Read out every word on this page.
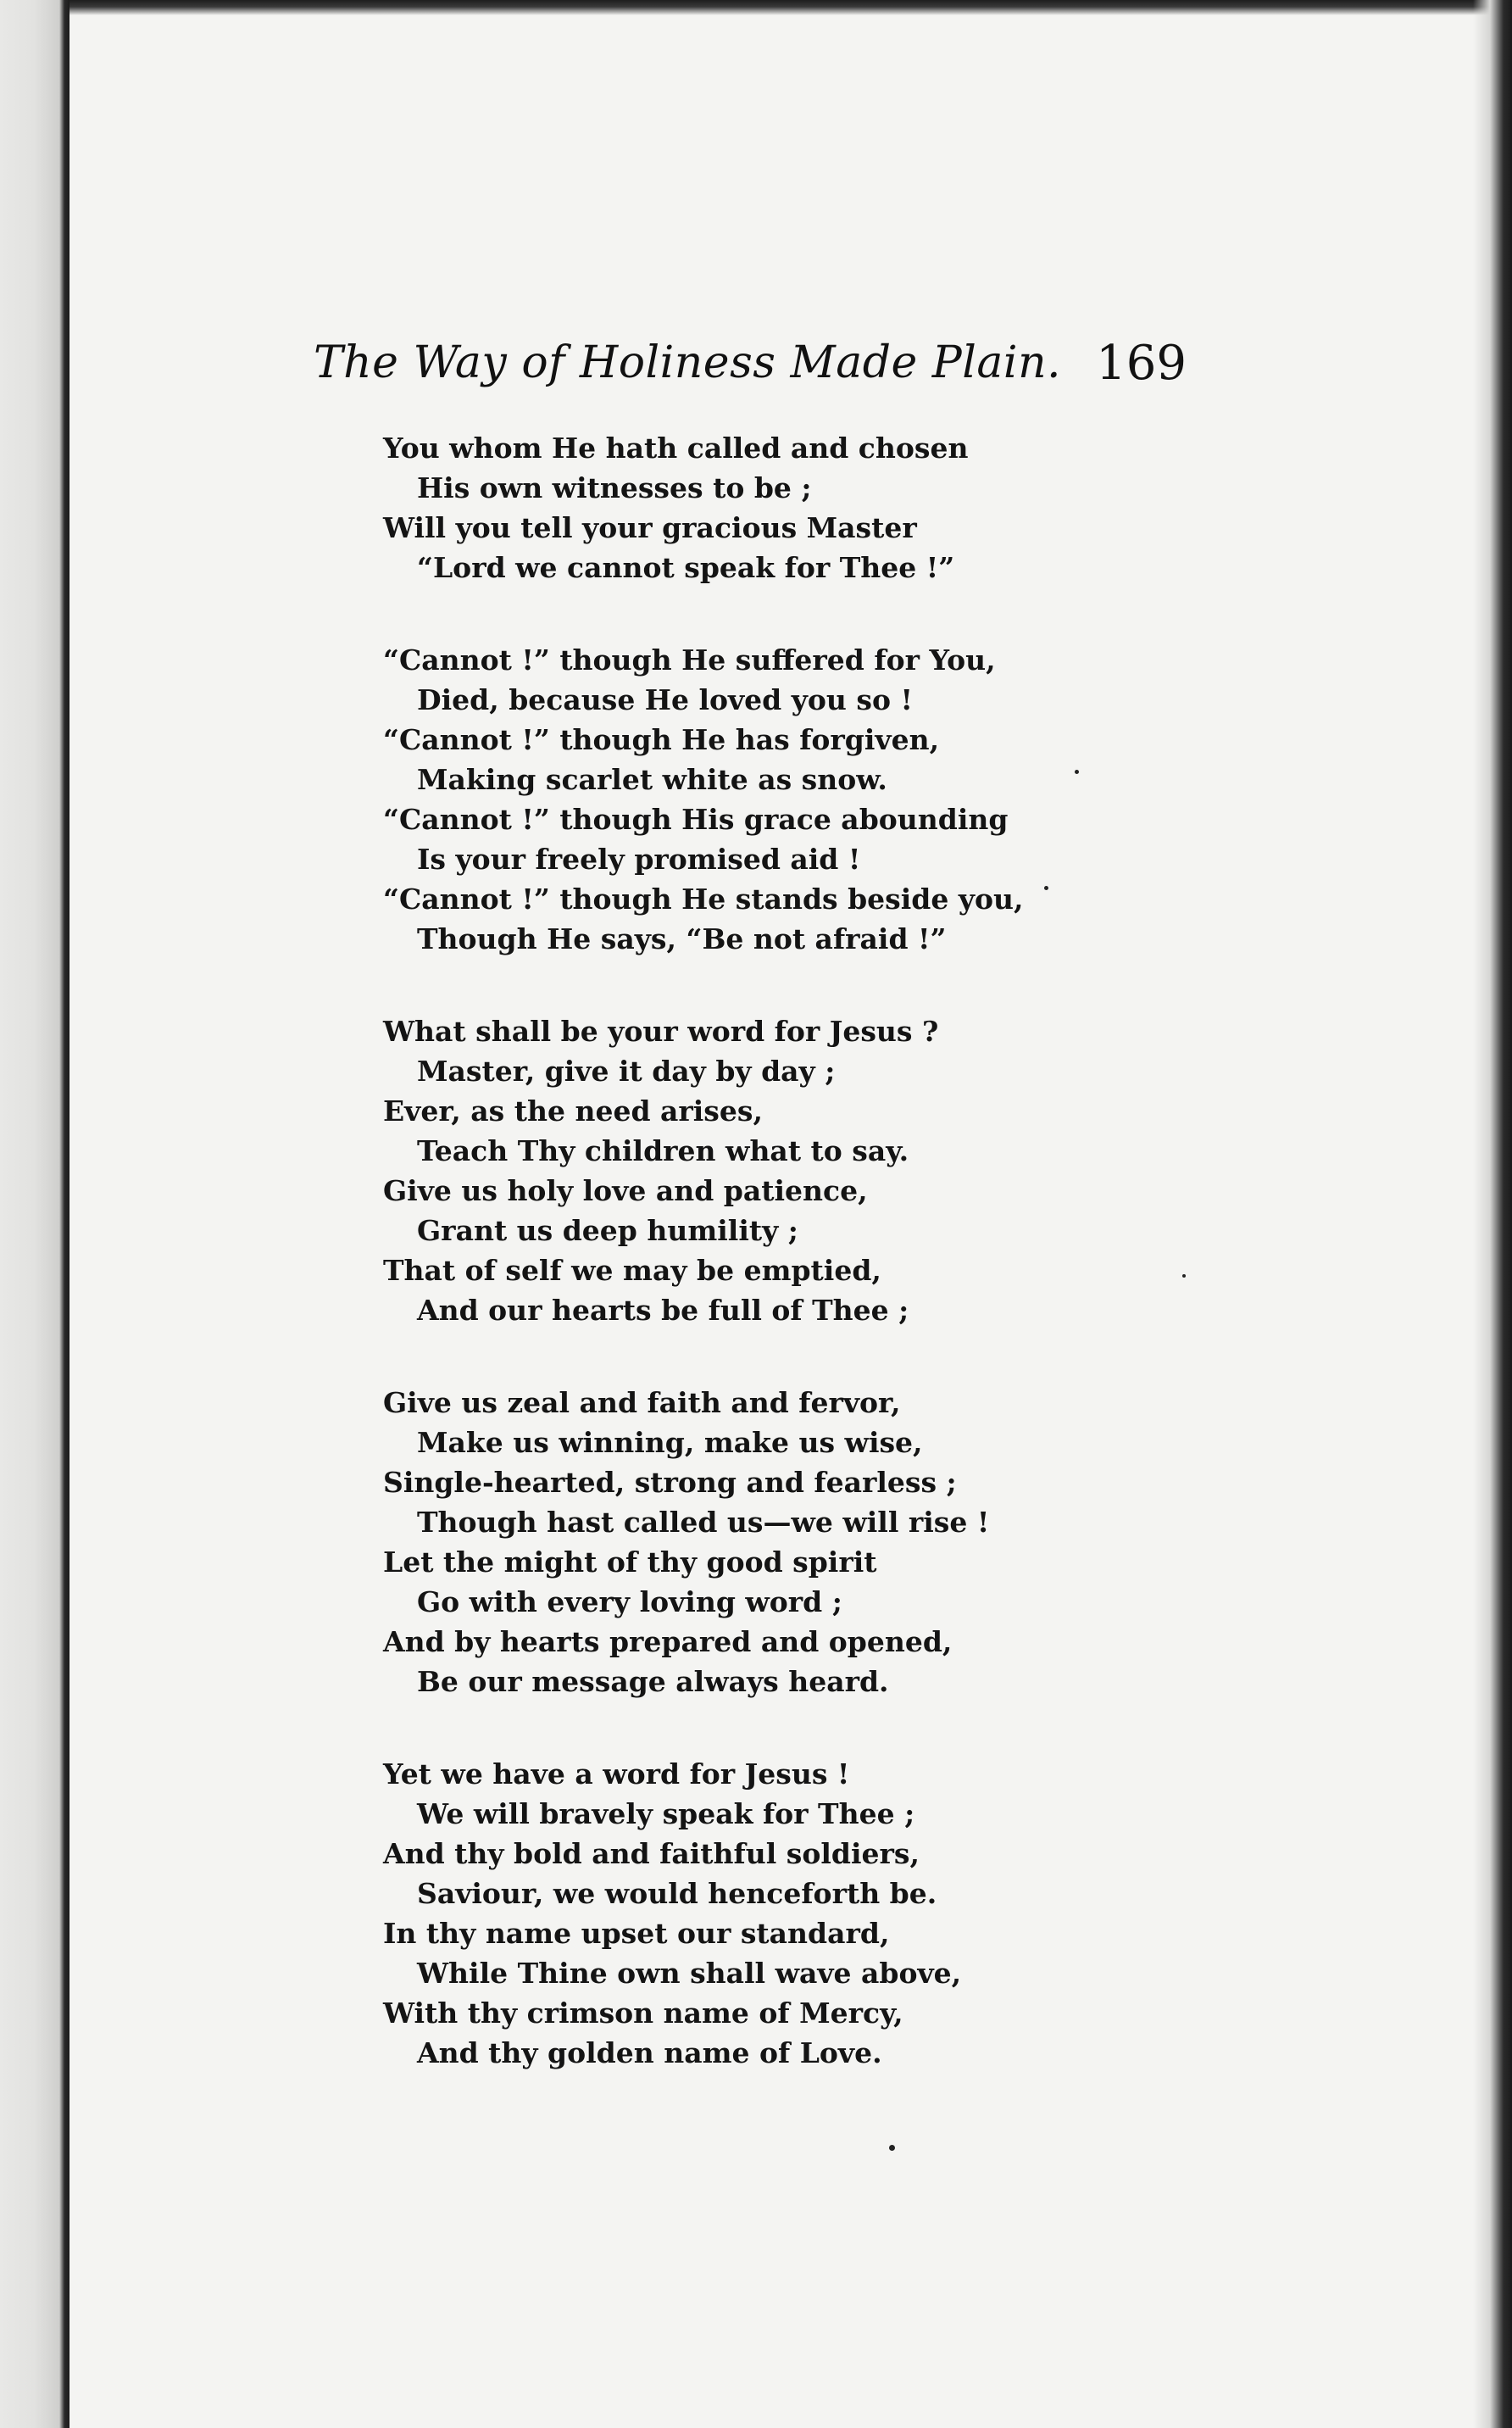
The Way of Holiness Made Plain. 169
You whom He hath called and chosen
His own witnesses to be ;
Will you tell your gracious Master
“Lord we cannot speak for Thee !”
“Cannot !” though He suffered for You,
Died, because He loved you so !
“Cannot !” though He has forgiven,
Making scarlet white as snow.
“Cannot !” though His grace abounding
Is your freely promised aid !
“Cannot !” though He stands beside you,
Though He says, “Be not afraid !”
What shall be your word for Jesus ?
Master, give it day by day ;
Ever, as the need arises,
Teach Thy children what to say.
Give us holy love and patience,
Grant us deep humility ;
That of self we may be emptied,
And our hearts be full of Thee ;
Give us zeal and faith and fervor,
Make us winning, make us wise,
Single-hearted, strong and fearless ;
Though hast called us—we will rise !
Let the might of thy good spirit
Go with every loving word ;
And by hearts prepared and opened,
Be our message always heard.
Yet we have a word for Jesus !
We will bravely speak for Thee ;
And thy bold and faithful soldiers,
Saviour, we would henceforth be.
In thy name upset our standard,
While Thine own shall wave above,
With thy crimson name of Mercy,
And thy golden name of Love.
